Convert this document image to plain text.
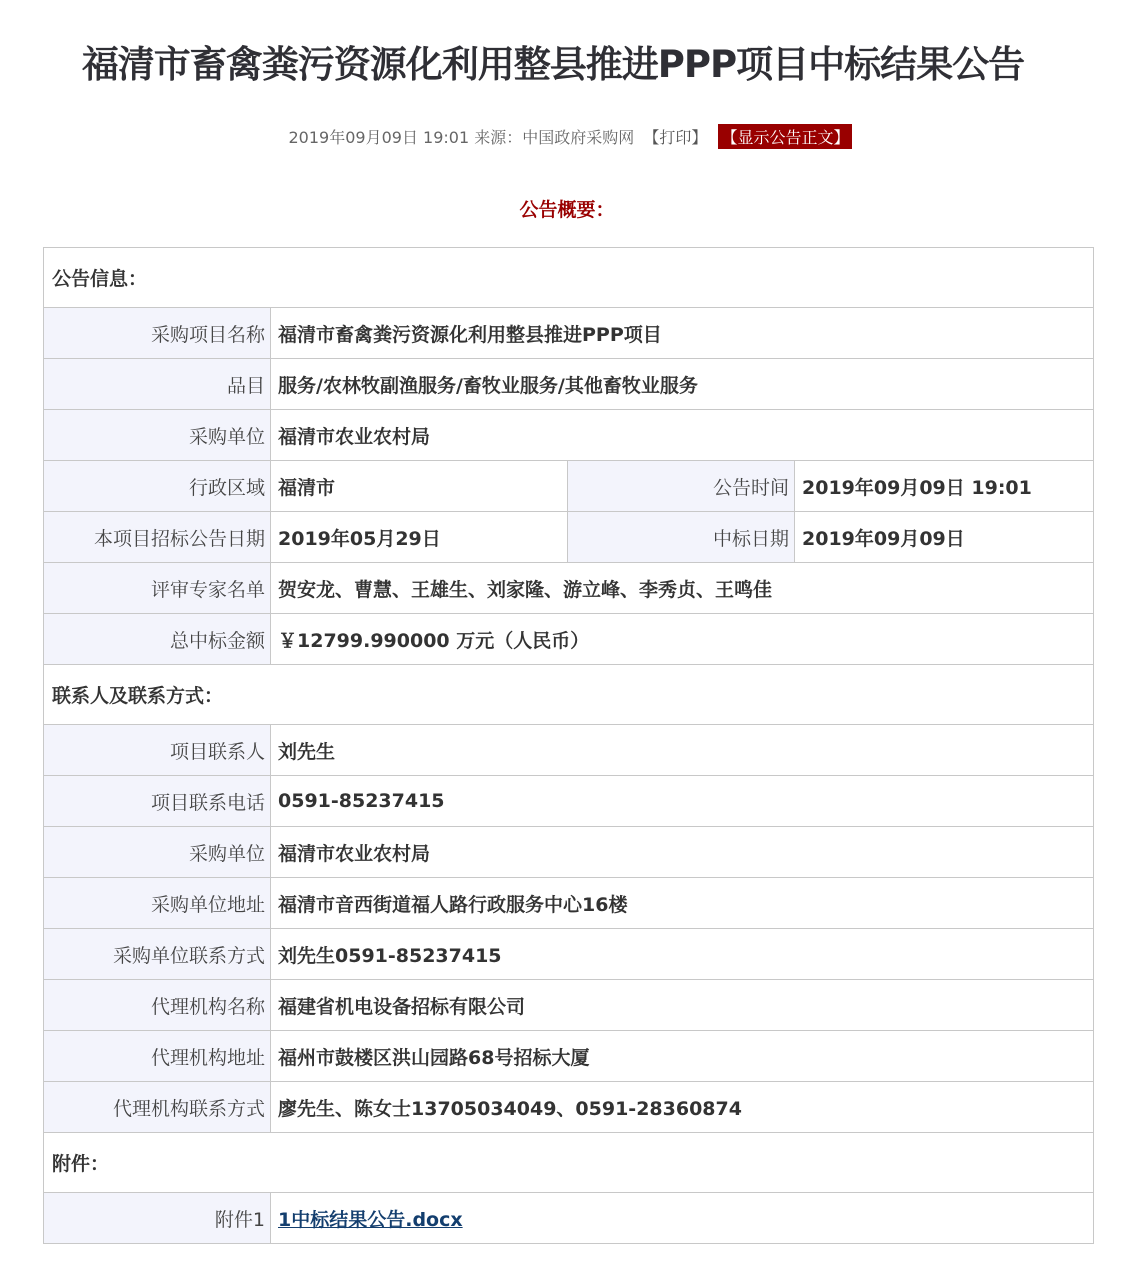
福清市畜禽粪污资源化利用整县推进PPP项目中标结果公告
2019年09月09日 19:01 来源：中国政府采购网 【打印】 【显示公告正文】
公告概要：
公告信息：			
采购项目名称	福清市畜禽粪污资源化利用整县推进PPP项目		
品目	服务/农林牧副渔服务/畜牧业服务/其他畜牧业服务		
采购单位	福清市农业农村局		
行政区域	福清市	公告时间	2019年09月09日 19:01
本项目招标公告日期	2019年05月29日	中标日期	2019年09月09日
评审专家名单	贺安龙、曹慧、王雄生、刘家隆、游立峰、李秀贞、王鸣佳		
总中标金额	￥12799.990000 万元（人民币）		
联系人及联系方式：			
项目联系人	刘先生		
项目联系电话	0591-85237415		
采购单位	福清市农业农村局		
采购单位地址	福清市音西街道福人路行政服务中心16楼		
采购单位联系方式	刘先生0591-85237415		
代理机构名称	福建省机电设备招标有限公司		
代理机构地址	福州市鼓楼区洪山园路68号招标大厦		
代理机构联系方式	廖先生、陈女士13705034049、0591-28360874		
附件：			
附件1	1中标结果公告.docx		
